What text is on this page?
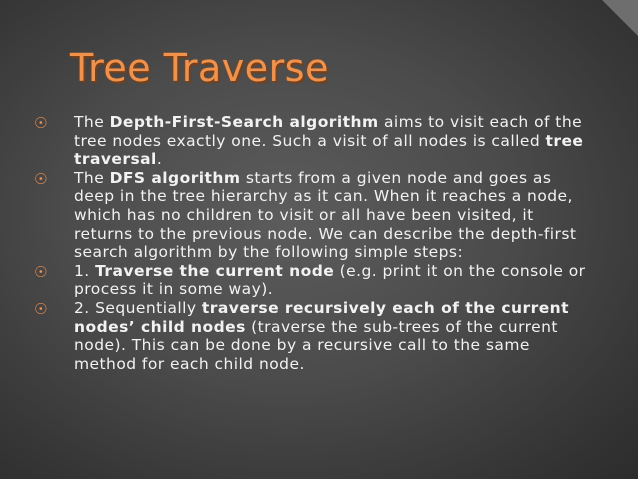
Tree Traverse
☉	The Depth-First-Search algorithm aims to visit each of the tree nodes exactly one. Such a visit of all nodes is called tree traversal.

☉	The DFS algorithm starts from a given node and goes as deep in the tree hierarchy as it can. When it reaches a node, which has no children to visit or all have been visited, it returns to the previous node. We can describe the depth-first search algorithm by the following simple steps:

☉	1. Traverse the current node (e.g. print it on the console or process it in some way).

☉	2. Sequentially traverse recursively each of the current nodes’ child nodes (traverse the sub-trees of the current node). This can be done by a recursive call to the same method for each child node.
